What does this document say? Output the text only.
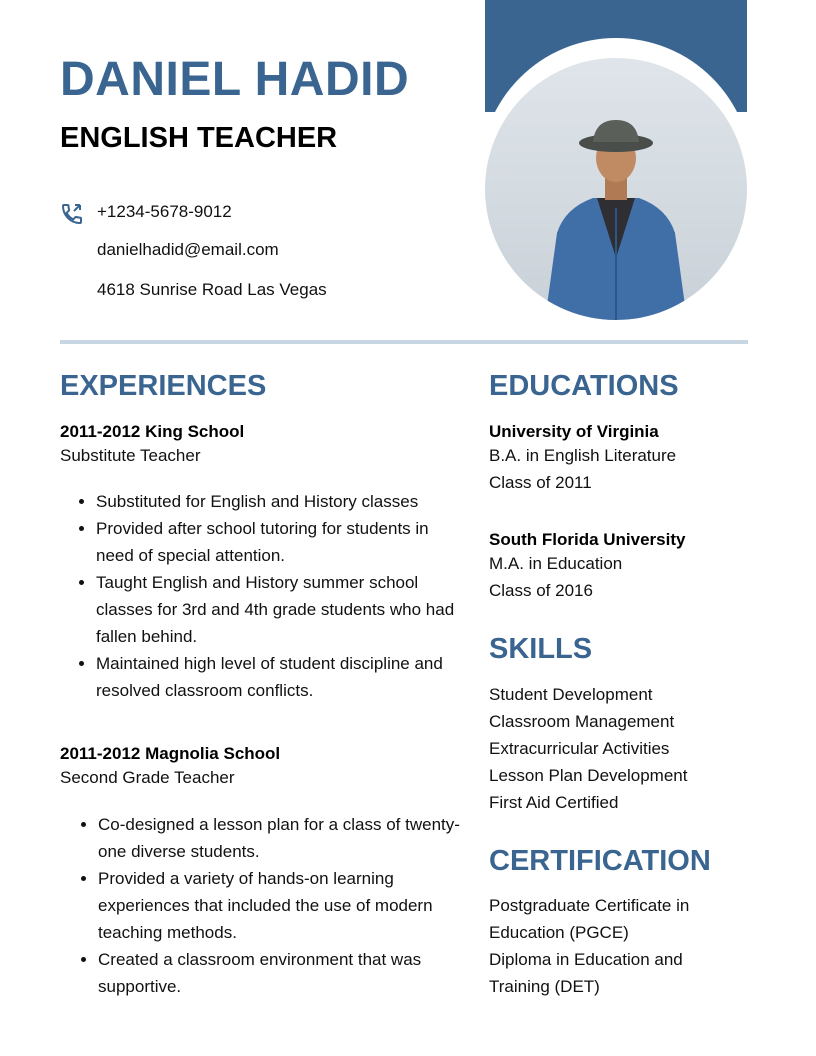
DANIEL HADID
ENGLISH TEACHER
+1234-5678-9012
danielhadid@email.com
4618 Sunrise Road Las Vegas
EXPERIENCES
2011-2012 King School
Substitute Teacher
• Substituted for English and History classes
• Provided after school tutoring for students in need of special attention.
• Taught English and History summer school classes for 3rd and 4th grade students who had fallen behind.
• Maintained high level of student discipline and resolved classroom conflicts.
2011-2012 Magnolia School
Second Grade Teacher
• Co-designed a lesson plan for a class of twenty-one diverse students.
• Provided a variety of hands-on learning experiences that included the use of modern teaching methods.
• Created a classroom environment that was supportive.
EDUCATIONS
University of Virginia
B.A. in English Literature
Class of 2011
South Florida University
M.A. in Education
Class of 2016
SKILLS
Student Development
Classroom Management
Extracurricular Activities
Lesson Plan Development
First Aid Certified
CERTIFICATION
Postgraduate Certificate in
Education (PGCE)
Diploma in Education and
Training (DET)
